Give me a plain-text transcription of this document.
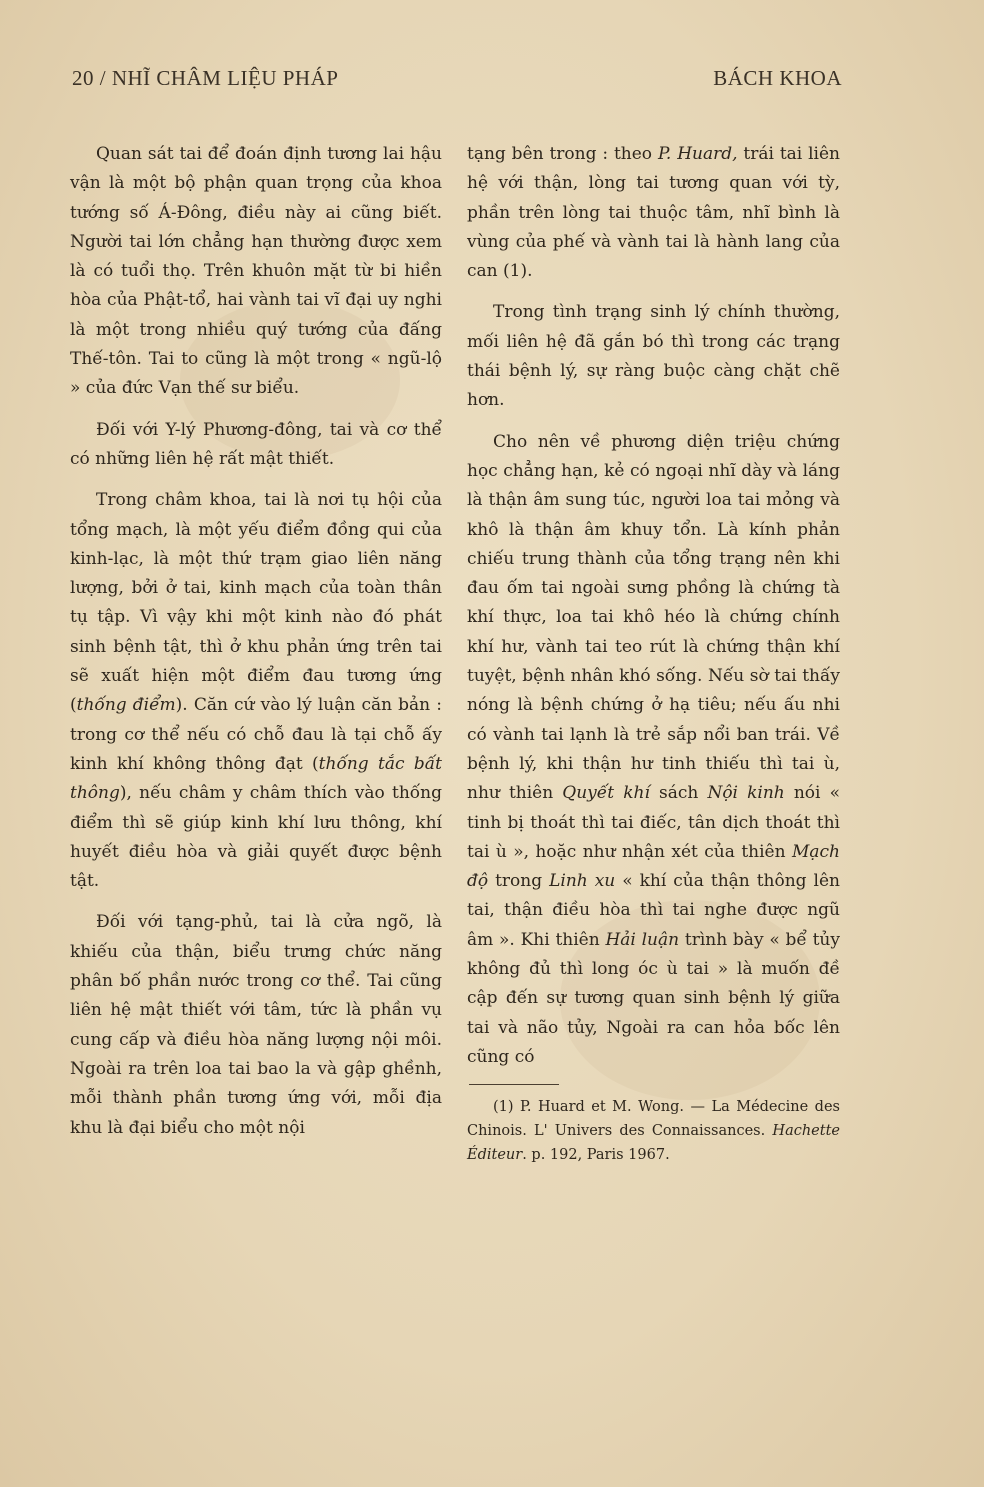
20 / NHĨ CHÂM LIỆU PHÁP	BÁCH KHOA

Quan sát tai để đoán định tương lai hậu vận là một bộ phận quan trọng của khoa tướng số Á-Đông, điều này ai cũng biết. Người tai lớn chẳng hạn thường được xem là có tuổi thọ. Trên khuôn mặt từ bi hiền hòa của Phật-tổ, hai vành tai vĩ đại uy nghi là một trong nhiều quý tướng của đấng Thế-tôn. Tai to cũng là một trong « ngũ-lộ » của đức Vạn thế sư biểu.

Đối với Y-lý Phương-đông, tai và cơ thể có những liên hệ rất mật thiết.

Trong châm khoa, tai là nơi tụ hội của tổng mạch, là một yếu điểm đồng qui của kinh-lạc, là một thứ trạm giao liên năng lượng, bởi ở tai, kinh mạch của toàn thân tụ tập. Vì vậy khi một kinh nào đó phát sinh bệnh tật, thì ở khu phản ứng trên tai sẽ xuất hiện một điểm đau tương ứng (thống điểm). Căn cứ vào lý luận căn bản : trong cơ thể nếu có chỗ đau là tại chỗ ấy kinh khí không thông đạt (thống tắc bất thông), nếu châm y châm thích vào thống điểm thì sẽ giúp kinh khí lưu thông, khí huyết điều hòa và giải quyết được bệnh tật.

Đối với tạng-phủ, tai là cửa ngõ, là khiếu của thận, biểu trưng chức năng phân bố phần nước trong cơ thể. Tai cũng liên hệ mật thiết với tâm, tức là phần vụ cung cấp và điều hòa năng lượng nội môi. Ngoài ra trên loa tai bao la và gập ghềnh, mỗi thành phần tương ứng với, mỗi địa khu là đại biểu cho một nội

tạng bên trong : theo P. Huard, trái tai liên hệ với thận, lòng tai tương quan với tỳ, phần trên lòng tai thuộc tâm, nhĩ bình là vùng của phế và vành tai là hành lang của can (1).

Trong tình trạng sinh lý chính thường, mối liên hệ đã gắn bó thì trong các trạng thái bệnh lý, sự ràng buộc càng chặt chẽ hơn.

Cho nên về phương diện triệu chứng học chẳng hạn, kẻ có ngoại nhĩ dày và láng là thận âm sung túc, người loa tai mỏng và khô là thận âm khuy tổn. Là kính phản chiếu trung thành của tổng trạng nên khi đau ốm tai ngoài sưng phồng là chứng tà khí thực, loa tai khô héo là chứng chính khí hư, vành tai teo rút là chứng thận khí tuyệt, bệnh nhân khó sống. Nếu sờ tai thấy nóng là bệnh chứng ở hạ tiêu; nếu ấu nhi có vành tai lạnh là trẻ sắp nổi ban trái. Về bệnh lý, khi thận hư tinh thiếu thì tai ù, như thiên Quyết khí sách Nội kinh nói « tinh bị thoát thì tai điếc, tân dịch thoát thì tai ù », hoặc như nhận xét của thiên Mạch độ trong Linh xu « khí của thận thông lên tai, thận điều hòa thì tai nghe được ngũ âm ». Khi thiên Hải luận trình bày « bể tủy không đủ thì long óc ù tai » là muốn đề cập đến sự tương quan sinh bệnh lý giữa tai và não tủy, Ngoài ra can hỏa bốc lên cũng có

(1) P. Huard et M. Wong. — La Médecine des Chinois. L' Univers des Connaissances. Hachette Éditeur. p. 192, Paris 1967.
